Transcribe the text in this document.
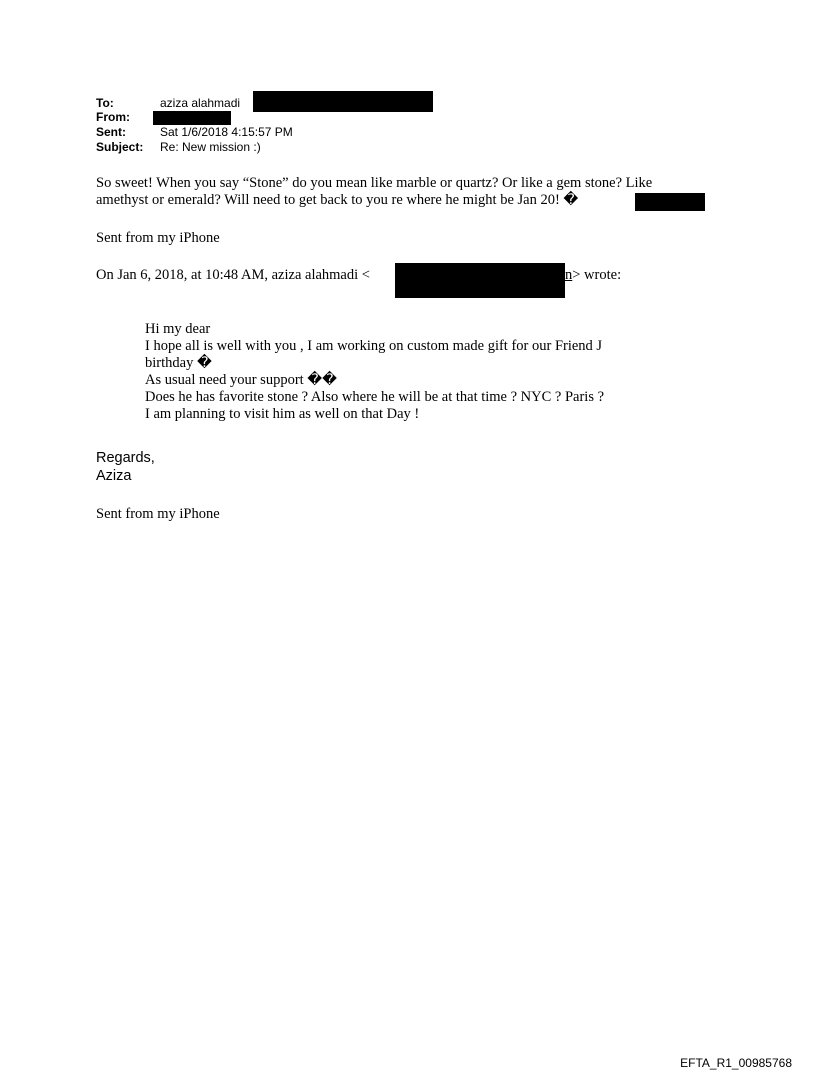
To:	aziza alahmadi
From:
Sent:	Sat 1/6/2018 4:15:57 PM
Subject: Re: New mission :)
So sweet! When you say “Stone” do you mean like marble or quartz? Or like a gem stone? Like
amethyst or emerald? Will need to get back to you re where he might be Jan 20! �
Sent from my iPhone
On Jan 6, 2018, at 10:48 AM, aziza alahmadi <	n> wrote:
Hi my dear
I hope all is well with you , I am working on custom made gift for our Friend J
birthday �
As usual need your support ��
Does he has favorite stone ? Also where he will be at that time ? NYC ? Paris ?
I am planning to visit him as well on that Day !
Regards,
Aziza
Sent from my iPhone
EFTA_R1_00985768
